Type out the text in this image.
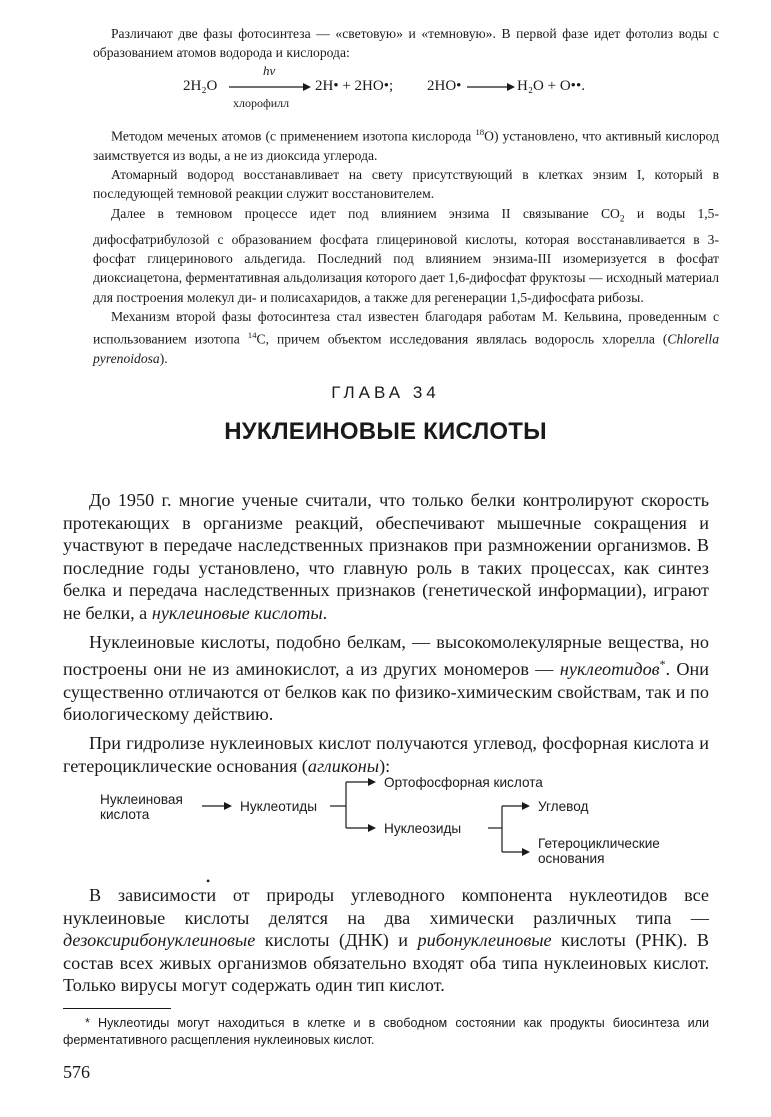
Различают две фазы фотосинтеза — «световую» и «темновую». В первой фазе идет фотолиз воды с образованием атомов водорода и кислорода:

2H₂O
hν
хлорофилл
2H• + 2HO•; 2HO• → H₂O + O••.

Методом меченых атомов (с применением изотопа кислорода $^{18}$O) установлено, что активный кислород заимствуется из воды, а не из диоксида углерода.

Атомарный водород восстанавливает на свету присутствующий в клетках энзим I, который в последующей темновой реакции служит восстановителем.

Далее в темновом процессе идет под влиянием энзима II связывание $CO_2$ и воды 1,5-дифосфатрибулозой с образованием фосфата глицериновой кислоты, которая восстанавливается в 3-фосфат глицеринового альдегида. Последний под влиянием энзима-III изомеризуется в фосфат диоксиацетона, ферментативная альдолизация которого дает 1,6-дифосфат фруктозы — исходный материал для построения молекул ди- и полисахаридов, а также для регенерации 1,5-дифосфата рибозы.

Механизм второй фазы фотосинтеза стал известен благодаря работам М. Кельвина, проведенным с использованием изотопа $^{14}$C, причем объектом исследования являлась водоросль хлорелла (Chlorella pyrenoidosa).

ГЛАВА 34
НУКЛЕИНОВЫЕ КИСЛОТЫ

До 1950 г. многие ученые считали, что только белки контролируют скорость протекающих в организме реакций, обеспечивают мышечные сокращения и участвуют в передаче наследственных признаков при размножении организмов. В последние годы установлено, что главную роль в таких процессах, как синтез белка и передача наследственных признаков (генетической информации), играют не белки, а нуклеиновые кислоты.

Нуклеиновые кислоты, подобно белкам, — высокомолекулярные вещества, но построены они не из аминокислот, а из других мономеров — нуклеотидов*. Они существенно отличаются от белков как по физико-химическим свойствам, так и по биологическому действию.

При гидролизе нуклеиновых кислот получаются углевод, фосфорная кислота и гетероциклические основания (агликоны):

Нуклеиновая
кислота
Нуклеотиды
Ортофосфорная кислота
Нуклеозиды
Углевод
Гетероциклические
основания
•

В зависимости от природы углеводного компонента нуклеотидов все нуклеиновые кислоты делятся на два химически различных типа — дезоксирибонуклеиновые кислоты (ДНК) и рибонуклеиновые кислоты (РНК). В состав всех живых организмов обязательно входят оба типа нуклеиновых кислот. Только вирусы могут содержать один тип кислот.

* Нуклеотиды могут находиться в клетке и в свободном состоянии как продукты биосинтеза или ферментативного расщепления нуклеиновых кислот.
576
